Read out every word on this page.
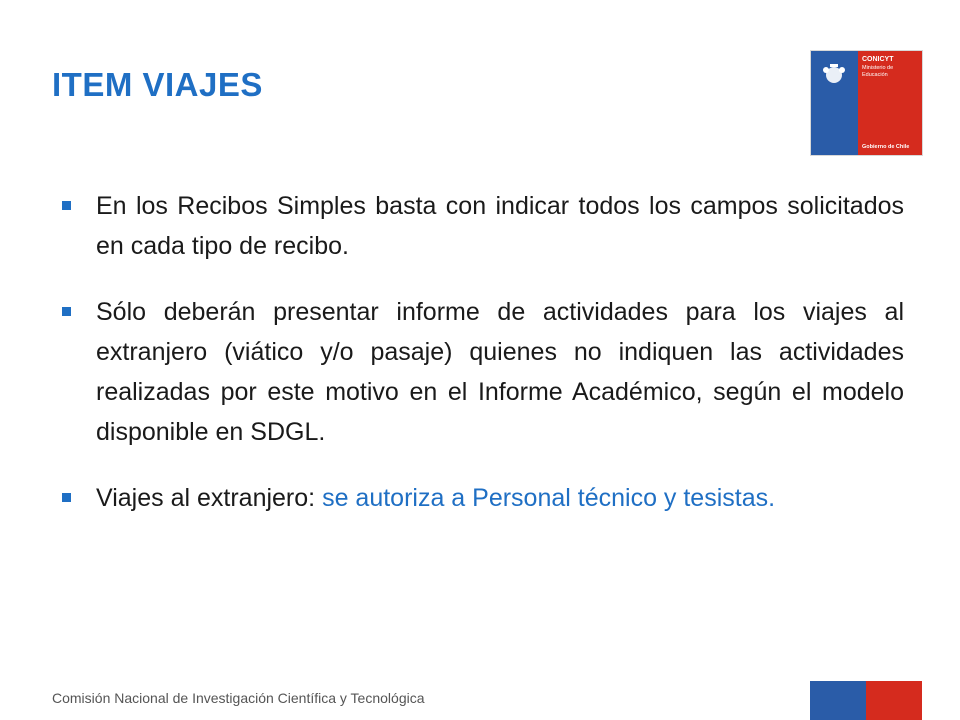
ITEM VIAJES
CONICYT
Ministerio de
Educación
Gobierno de Chile
En los Recibos Simples basta con indicar todos los campos solicitados en cada tipo de recibo.
Sólo deberán presentar informe de actividades para los viajes al extranjero (viático y/o pasaje) quienes no indiquen las actividades realizadas por este motivo en el Informe Académico, según el modelo disponible en SDGL.
Viajes al extranjero: se autoriza a Personal técnico y tesistas.
Comisión Nacional de Investigación Científica y Tecnológica
